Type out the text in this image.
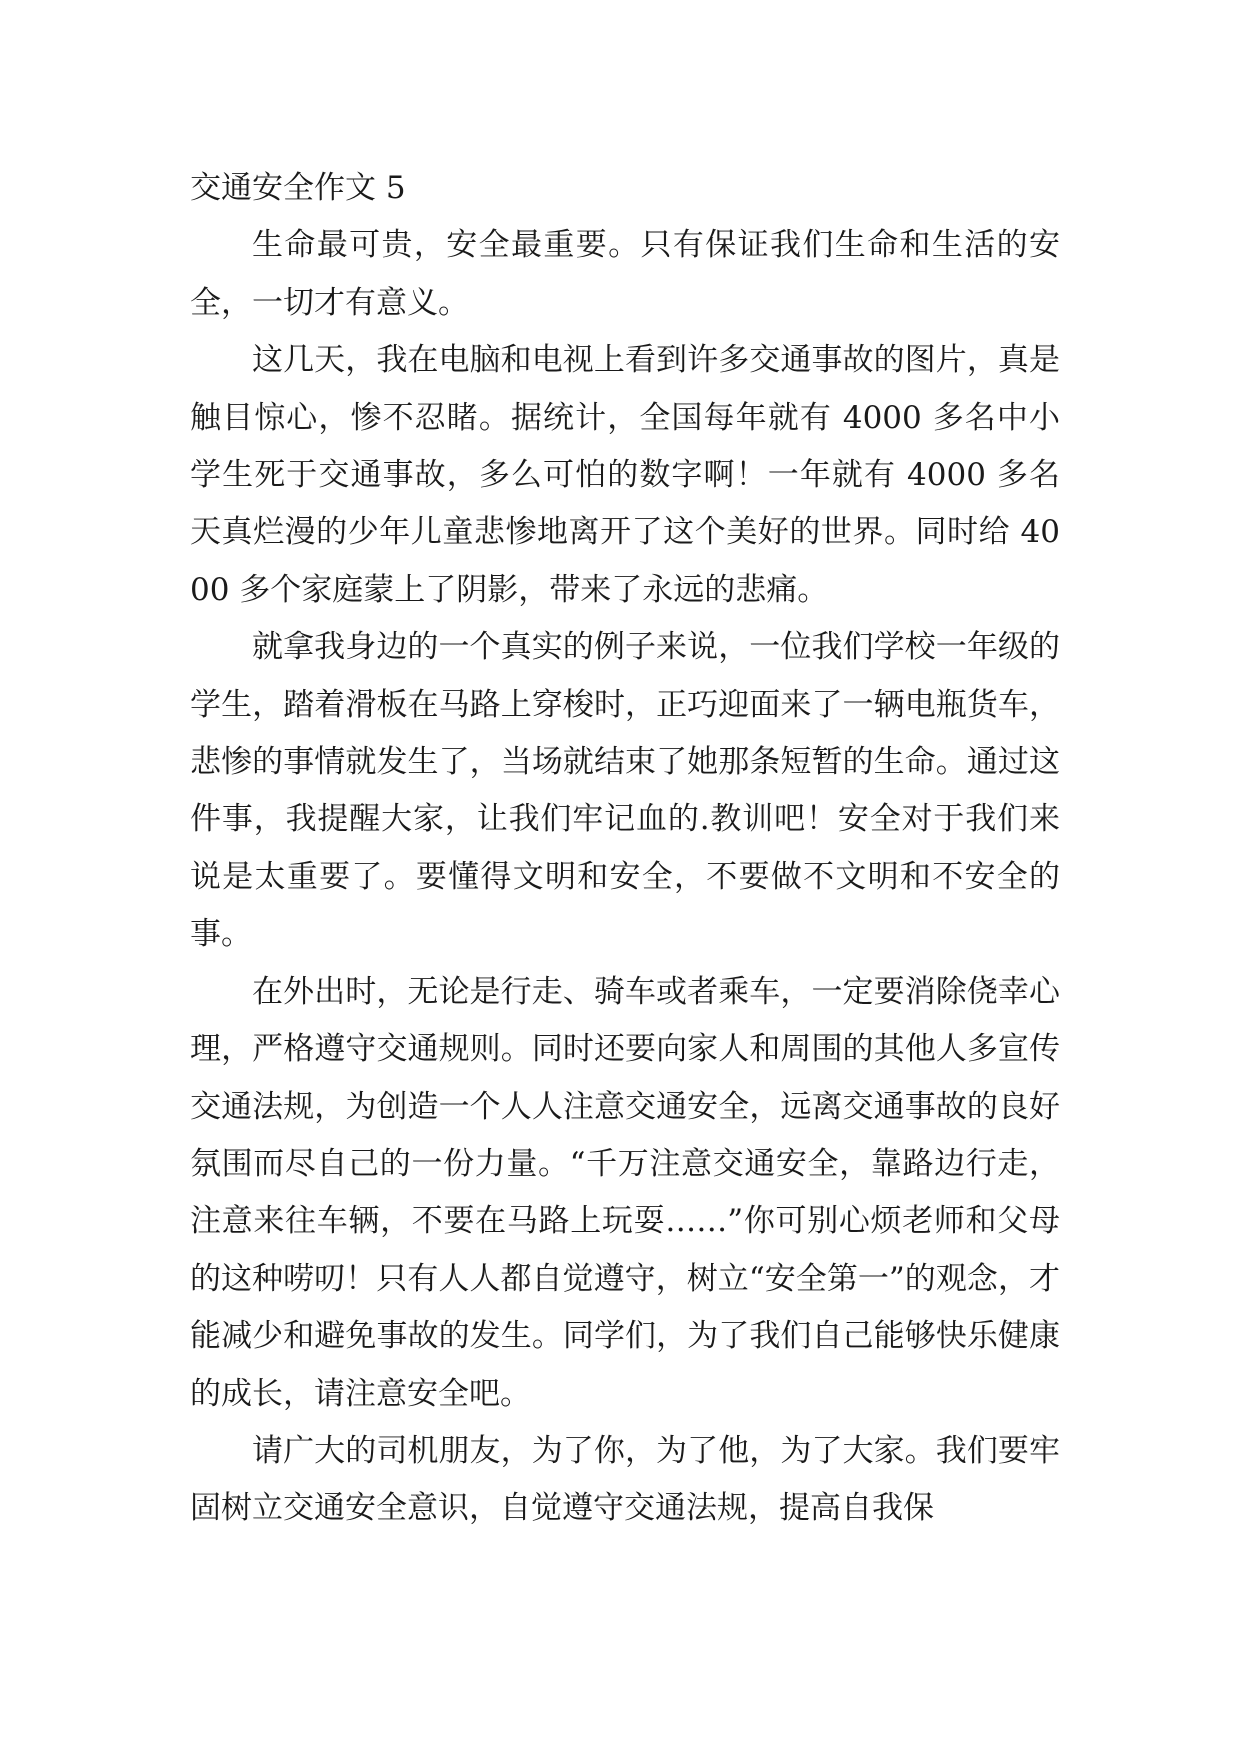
交通安全作文 5

生命最可贵，安全最重要。只有保证我们生命和生活的安全，一切才有意义。

这几天，我在电脑和电视上看到许多交通事故的图片，真是触目惊心，惨不忍睹。据统计，全国每年就有 4000 多名中小学生死于交通事故，多么可怕的数字啊！一年就有 4000 多名天真烂漫的少年儿童悲惨地离开了这个美好的世界。同时给 4000 多个家庭蒙上了阴影，带来了永远的悲痛。

就拿我身边的一个真实的例子来说，一位我们学校一年级的学生，踏着滑板在马路上穿梭时，正巧迎面来了一辆电瓶货车，悲惨的事情就发生了，当场就结束了她那条短暂的生命。通过这件事，我提醒大家，让我们牢记血的.教训吧！安全对于我们来说是太重要了。要懂得文明和安全，不要做不文明和不安全的事。

在外出时，无论是行走、骑车或者乘车，一定要消除侥幸心理，严格遵守交通规则。同时还要向家人和周围的其他人多宣传交通法规，为创造一个人人注意交通安全，远离交通事故的良好氛围而尽自己的一份力量。“千万注意交通安全，靠路边行走，注意来往车辆，不要在马路上玩耍……”你可别心烦老师和父母的这种唠叨！只有人人都自觉遵守，树立“安全第一”的观念，才能减少和避免事故的发生。同学们，为了我们自己能够快乐健康的成长，请注意安全吧。

请广大的司机朋友，为了你，为了他，为了大家。我们要牢固树立交通安全意识，自觉遵守交通法规，提高自我保
